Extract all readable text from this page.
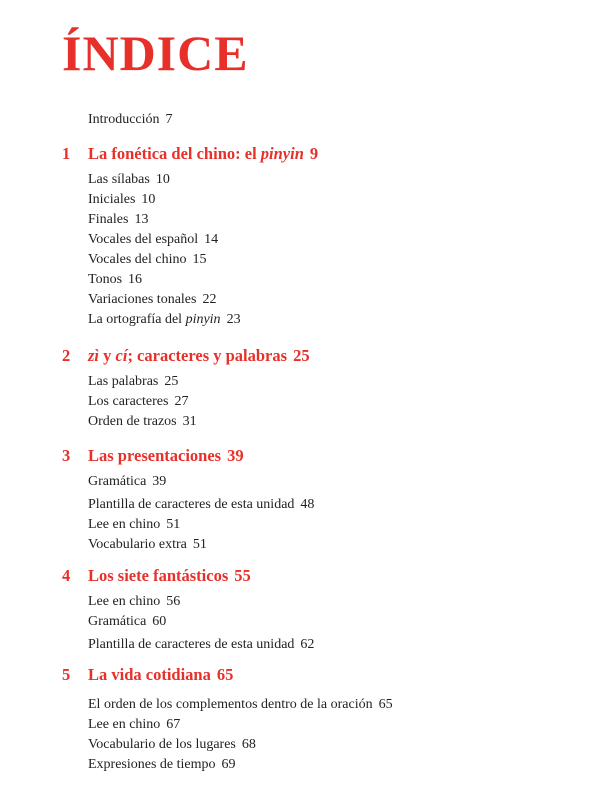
ÍNDICE
Introducción 7
1 La fonética del chino: el pinyin 9
Las sílabas 10
Iniciales 10
Finales 13
Vocales del español 14
Vocales del chino 15
Tonos 16
Variaciones tonales 22
La ortografía del pinyin 23
2 zì y cí; caracteres y palabras 25
Las palabras 25
Los caracteres 27
Orden de trazos 31
3 Las presentaciones 39
Gramática 39
Plantilla de caracteres de esta unidad 48
Lee en chino 51
Vocabulario extra 51
4 Los siete fantásticos 55
Lee en chino 56
Gramática 60
Plantilla de caracteres de esta unidad 62
5 La vida cotidiana 65
El orden de los complementos dentro de la oración 65
Lee en chino 67
Vocabulario de los lugares 68
Expresiones de tiempo 69
